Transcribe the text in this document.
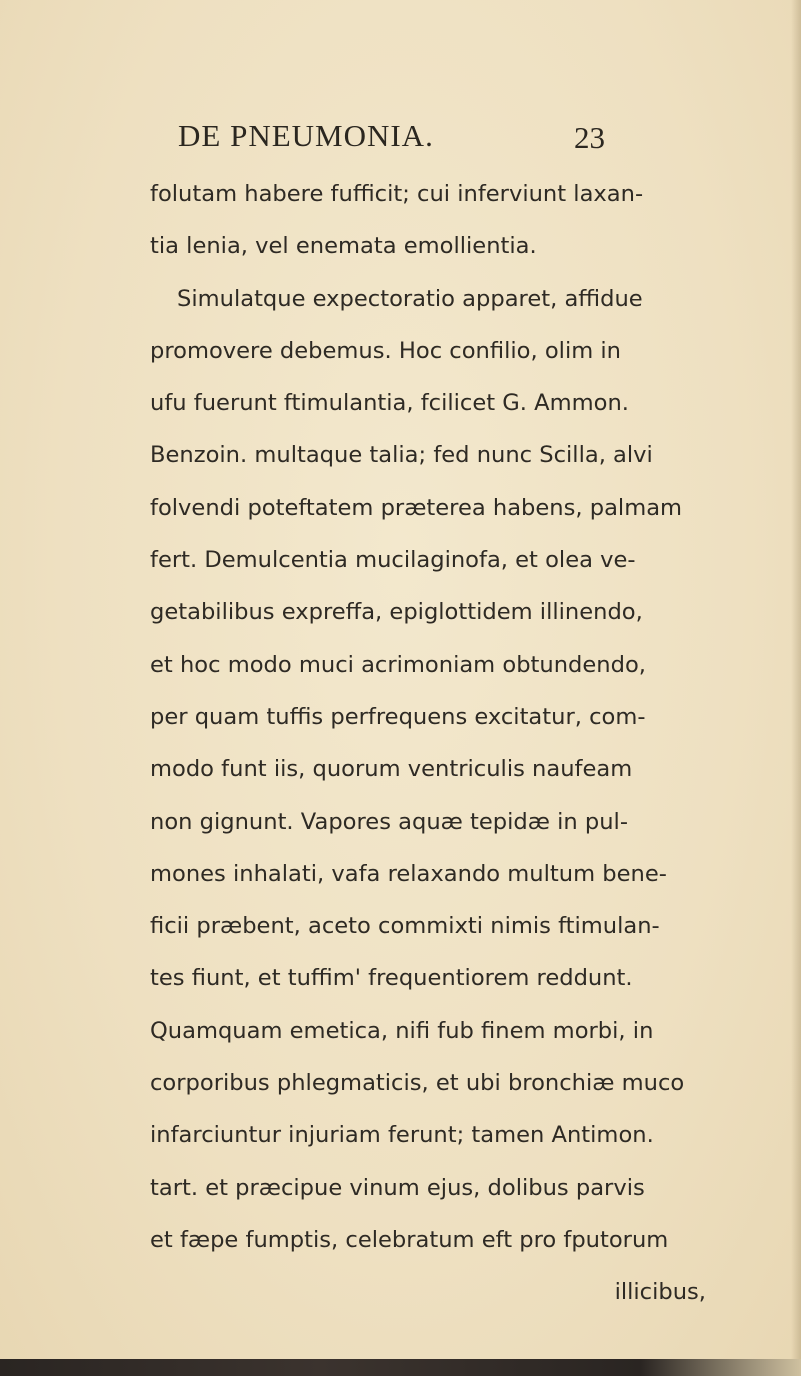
DE PNEUMONIA.	23
folutam habere fufficit; cui inferviunt laxan-
tia lenia, vel enemata emollientia.
Simulatque expectoratio apparet, affidue
promovere debemus. Hoc confilio, olim in
ufu fuerunt ftimulantia, fcilicet G. Ammon.
Benzoin. multaque talia; fed nunc Scilla, alvi
folvendi poteftatem præterea habens, palmam
fert. Demulcentia mucilaginofa, et olea ve-
getabilibus expreffa, epiglottidem illinendo,
et hoc modo muci acrimoniam obtundendo,
per quam tuffis perfrequens excitatur, com-
modo funt iis, quorum ventriculis naufeam
non gignunt. Vapores aquæ tepidæ in pul-
mones inhalati, vafa relaxando multum bene-
ficii præbent, aceto commixti nimis ftimulan-
tes fiunt, et tuffim' frequentiorem reddunt.
Quamquam emetica, nifi fub finem morbi, in
corporibus phlegmaticis, et ubi bronchiæ muco
infarciuntur injuriam ferunt; tamen Antimon.
tart. et præcipue vinum ejus, dolibus parvis
et fæpe fumptis, celebratum eft pro fputorum
illicibus,
